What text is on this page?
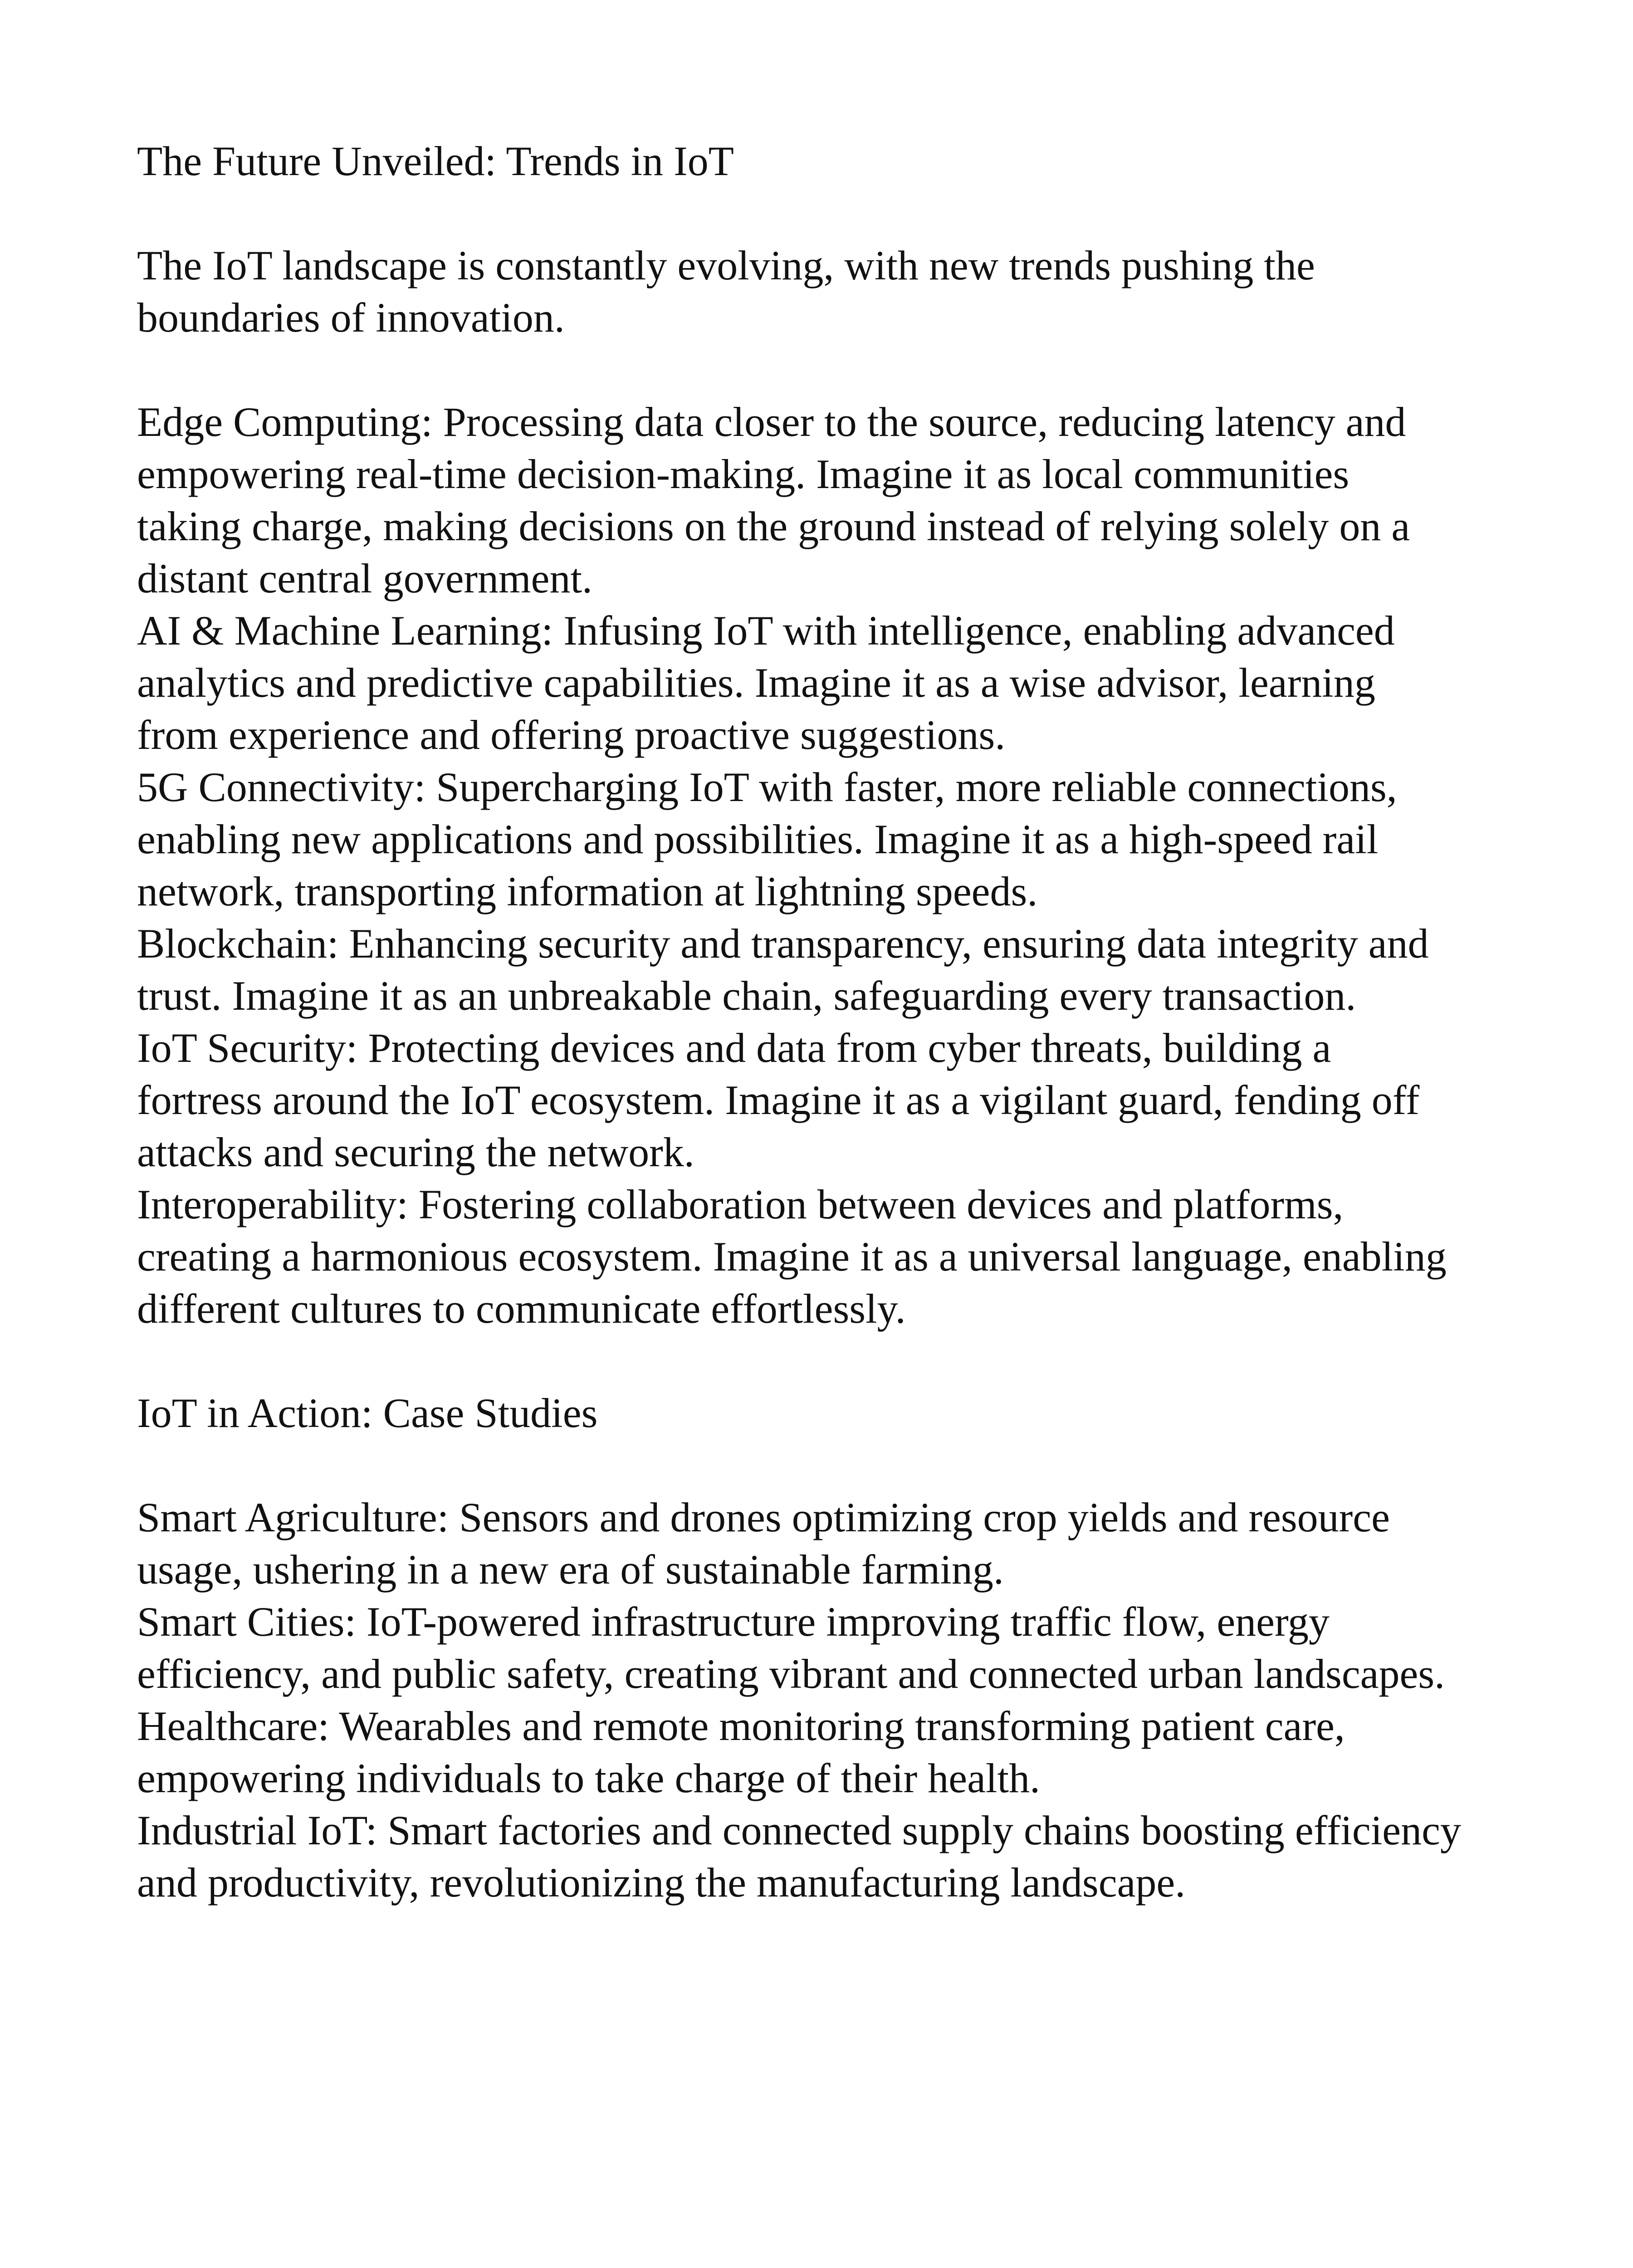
The Future Unveiled: Trends in IoT

The IoT landscape is constantly evolving, with new trends pushing the boundaries of innovation.

Edge Computing: Processing data closer to the source, reducing latency and empowering real-time decision-making. Imagine it as local communities taking charge, making decisions on the ground instead of relying solely on a distant central government.

AI & Machine Learning: Infusing IoT with intelligence, enabling advanced analytics and predictive capabilities. Imagine it as a wise advisor, learning from experience and offering proactive suggestions.

5G Connectivity: Supercharging IoT with faster, more reliable connections, enabling new applications and possibilities. Imagine it as a high-speed rail network, transporting information at lightning speeds.

Blockchain: Enhancing security and transparency, ensuring data integrity and trust. Imagine it as an unbreakable chain, safeguarding every transaction.

IoT Security: Protecting devices and data from cyber threats, building a fortress around the IoT ecosystem. Imagine it as a vigilant guard, fending off attacks and securing the network.

Interoperability: Fostering collaboration between devices and platforms, creating a harmonious ecosystem. Imagine it as a universal language, enabling different cultures to communicate effortlessly.

IoT in Action: Case Studies

Smart Agriculture: Sensors and drones optimizing crop yields and resource usage, ushering in a new era of sustainable farming.

Smart Cities: IoT-powered infrastructure improving traffic flow, energy efficiency, and public safety, creating vibrant and connected urban landscapes.

Healthcare: Wearables and remote monitoring transforming patient care, empowering individuals to take charge of their health.

Industrial IoT: Smart factories and connected supply chains boosting efficiency and productivity, revolutionizing the manufacturing landscape.
